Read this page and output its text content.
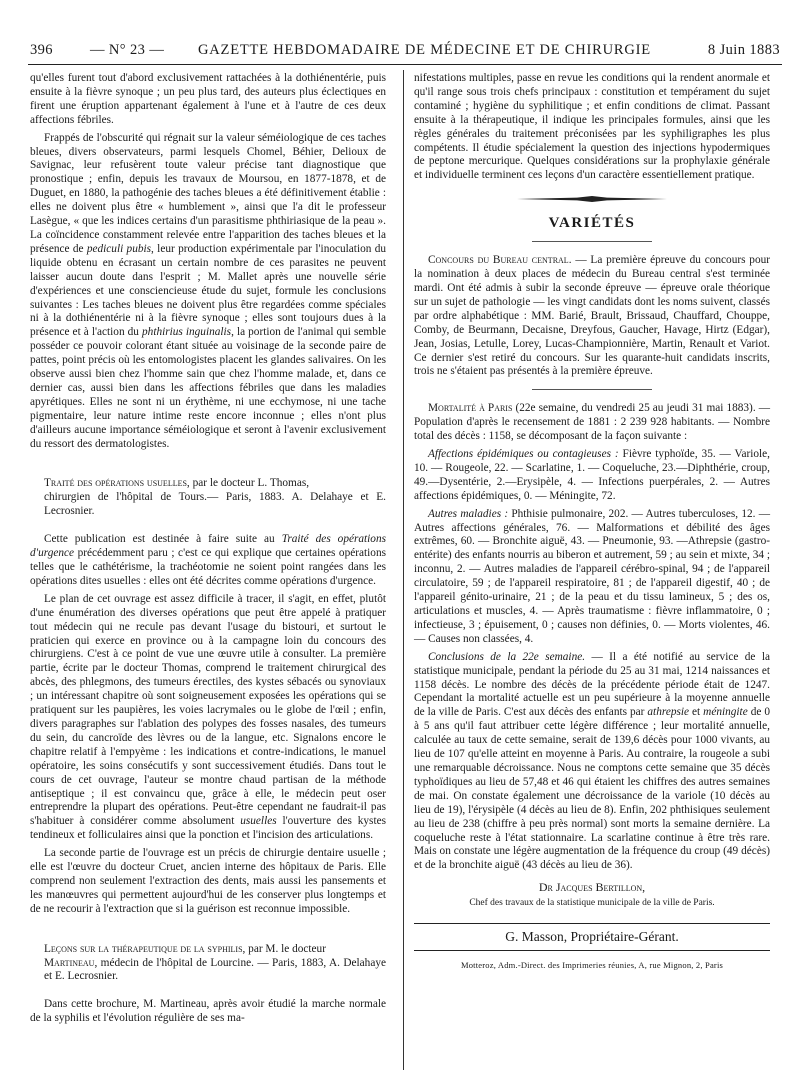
396	— N° 23 — GAZETTE HEBDOMADAIRE DE MÉDECINE ET DE CHIRURGIE	8 Juin 1883

qu'elles furent tout d'abord exclusivement rattachées à la dothiénentérie, puis ensuite à la fièvre synoque ; un peu plus tard, des auteurs plus éclectiques en firent une éruption appartenant également à l'une et à l'autre de ces deux affections fébriles.

Frappés de l'obscurité qui régnait sur la valeur séméiologique de ces taches bleues, divers observateurs, parmi lesquels Chomel, Béhier, Delioux de Savignac, leur refusèrent toute valeur précise tant diagnostique que pronostique ; enfin, depuis les travaux de Moursou, en 1877-1878, et de Duguet, en 1880, la pathogénie des taches bleues a été définitivement établie : elles ne doivent plus être « humblement », ainsi que l'a dit le professeur Lasègue, « que les indices certains d'un parasitisme phthiriasique de la peau ». La coïncidence constamment relevée entre l'apparition des taches bleues et la présence de pediculi pubis, leur production expérimentale par l'inoculation du liquide obtenu en écrasant un certain nombre de ces parasites ne peuvent laisser aucun doute dans l'esprit ; M. Mallet après une nouvelle série d'expériences et une consciencieuse étude du sujet, formule les conclusions suivantes : Les taches bleues ne doivent plus être regardées comme spéciales ni à la dothiénentérie ni à la fièvre synoque ; elles sont toujours dues à la présence et à l'action du phthirius inguinalis, la portion de l'animal qui semble posséder ce pouvoir colorant étant située au voisinage de la seconde paire de pattes, point précis où les entomologistes placent les glandes salivaires. On les observe aussi bien chez l'homme sain que chez l'homme malade, et, dans ce dernier cas, aussi bien dans les affections fébriles que dans les maladies apyrétiques. Elles ne sont ni un érythème, ni une ecchymose, ni une tache pigmentaire, leur nature intime reste encore inconnue ; elles n'ont plus d'ailleurs aucune importance séméiologique et seront à l'avenir exclusivement du ressort des dermatologistes.

Traité des opérations usuelles, par le docteur L. Thomas,
chirurgien de l'hôpital de Tours.— Paris, 1883. A. Delahaye et E. Lecrosnier.

Cette publication est destinée à faire suite au Traité des opérations d'urgence précédemment paru ; c'est ce qui explique que certaines opérations telles que le cathétérisme, la trachéotomie ne soient point rangées dans les opérations dites usuelles : elles ont été décrites comme opérations d'urgence.

Le plan de cet ouvrage est assez difficile à tracer, il s'agit, en effet, plutôt d'une énumération des diverses opérations que peut être appelé à pratiquer tout médecin qui ne recule pas devant l'usage du bistouri, et surtout le praticien qui exerce en province ou à la campagne loin du concours des chirurgiens. C'est à ce point de vue une œuvre utile à consulter. La première partie, écrite par le docteur Thomas, comprend le traitement chirurgical des abcès, des phlegmons, des tumeurs érectiles, des kystes sébacés ou synoviaux ; un intéressant chapitre où sont soigneusement exposées les opérations qui se pratiquent sur les paupières, les voies lacrymales ou le globe de l'œil ; enfin, divers paragraphes sur l'ablation des polypes des fosses nasales, des tumeurs du sein, du cancroïde des lèvres ou de la langue, etc. Signalons encore le chapitre relatif à l'empyème : les indications et contre-indications, le manuel opératoire, les soins consécutifs y sont successivement étudiés. Dans tout le cours de cet ouvrage, l'auteur se montre chaud partisan de la méthode antiseptique ; il est convaincu que, grâce à elle, le médecin peut oser entreprendre la plupart des opérations. Peut-être cependant ne faudrait-il pas s'habituer à considérer comme absolument usuelles l'ouverture des kystes tendineux et folliculaires ainsi que la ponction et l'incision des articulations.

La seconde partie de l'ouvrage est un précis de chirurgie dentaire usuelle ; elle est l'œuvre du docteur Cruet, ancien interne des hôpitaux de Paris. Elle comprend non seulement l'extraction des dents, mais aussi les pansements et les manœuvres qui permettent aujourd'hui de les conserver plus longtemps et de ne recourir à l'extraction que si la guérison est reconnue impossible.

Leçons sur la thérapeutique de la syphilis, par M. le docteur
Martineau, médecin de l'hôpital de Lourcine. — Paris, 1883, A. Delahaye et E. Lecrosnier.

Dans cette brochure, M. Martineau, après avoir étudié la marche normale de la syphilis et l'évolution régulière de ses ma-

nifestations multiples, passe en revue les conditions qui la rendent anormale et qu'il range sous trois chefs principaux : constitution et tempérament du sujet contaminé ; hygiène du syphilitique ; et enfin conditions de climat. Passant ensuite à la thérapeutique, il indique les principales formules, ainsi que les règles générales du traitement préconisées par les syphiligraphes les plus compétents. Il étudie spécialement la question des injections hypodermiques de peptone mercurique. Quelques considérations sur la prophylaxie générale et individuelle terminent ces leçons d'un caractère essentiellement pratique.

VARIÉTÉS

Concours du Bureau central. — La première épreuve du concours pour la nomination à deux places de médecin du Bureau central s'est terminée mardi. Ont été admis à subir la seconde épreuve — épreuve orale théorique sur un sujet de pathologie — les vingt candidats dont les noms suivent, classés par ordre alphabétique : MM. Barié, Brault, Brissaud, Chauffard, Chouppe, Comby, de Beurmann, Decaisne, Dreyfous, Gaucher, Havage, Hirtz (Edgar), Jean, Josias, Letulle, Lorey, Lucas-Championnière, Martin, Renault et Variot. Ce dernier s'est retiré du concours. Sur les quarante-huit candidats inscrits, trois ne s'étaient pas présentés à la première épreuve.

Mortalité à Paris (22e semaine, du vendredi 25 au jeudi 31 mai 1883). — Population d'après le recensement de 1881 : 2 239 928 habitants. — Nombre total des décès : 1158, se décomposant de la façon suivante :

Affections épidémiques ou contagieuses : Fièvre typhoïde, 35. — Variole, 10. — Rougeole, 22. — Scarlatine, 1. — Coqueluche, 23.—Diphthérie, croup, 49.—Dysentérie, 2.—Erysipèle, 4. — Infections puerpérales, 2. — Autres affections épidémiques, 0. — Méningite, 72.

Autres maladies : Phthisie pulmonaire, 202. — Autres tuberculoses, 12. — Autres affections générales, 76. — Malformations et débilité des âges extrêmes, 60. — Bronchite aiguë, 43. — Pneumonie, 93. —Athrepsie (gastro-entérite) des enfants nourris au biberon et autrement, 59 ; au sein et mixte, 34 ; inconnu, 2. — Autres maladies de l'appareil cérébro-spinal, 94 ; de l'appareil circulatoire, 59 ; de l'appareil respiratoire, 81 ; de l'appareil digestif, 40 ; de l'appareil génito-urinaire, 21 ; de la peau et du tissu lamineux, 5 ; des os, articulations et muscles, 4. — Après traumatisme : fièvre inflammatoire, 0 ; infectieuse, 3 ; épuisement, 0 ; causes non définies, 0. — Morts violentes, 46. — Causes non classées, 4.

Conclusions de la 22e semaine. — Il a été notifié au service de la statistique municipale, pendant la période du 25 au 31 mai, 1214 naissances et 1158 décès. Le nombre des décès de la précédente période était de 1247. Cependant la mortalité actuelle est un peu supérieure à la moyenne annuelle de la ville de Paris. C'est aux décès des enfants par athrepsie et méningite de 0 à 5 ans qu'il faut attribuer cette légère différence ; leur mortalité annuelle, calculée au taux de cette semaine, serait de 139,6 décès pour 1000 vivants, au lieu de 107 qu'elle atteint en moyenne à Paris. Au contraire, la rougeole a subi une remarquable décroissance. Nous ne comptons cette semaine que 35 décès typhoïdiques au lieu de 57,48 et 46 qui étaient les chiffres des autres semaines de mai. On constate également une décroissance de la variole (10 décès au lieu de 19), l'érysipèle (4 décès au lieu de 8). Enfin, 202 phthisiques seulement au lieu de 238 (chiffre à peu près normal) sont morts la semaine dernière. La coqueluche reste à l'état stationnaire. La scarlatine continue à être très rare. Mais on constate une légère augmentation de la fréquence du croup (49 décès) et de la bronchite aiguë (43 décès au lieu de 36).

Dr Jacques Bertillon,
Chef des travaux de la statistique municipale de la ville de Paris.
G. Masson, Propriétaire-Gérant.
Motteroz, Adm.-Direct. des Imprimeries réunies, A, rue Mignon, 2, Paris
